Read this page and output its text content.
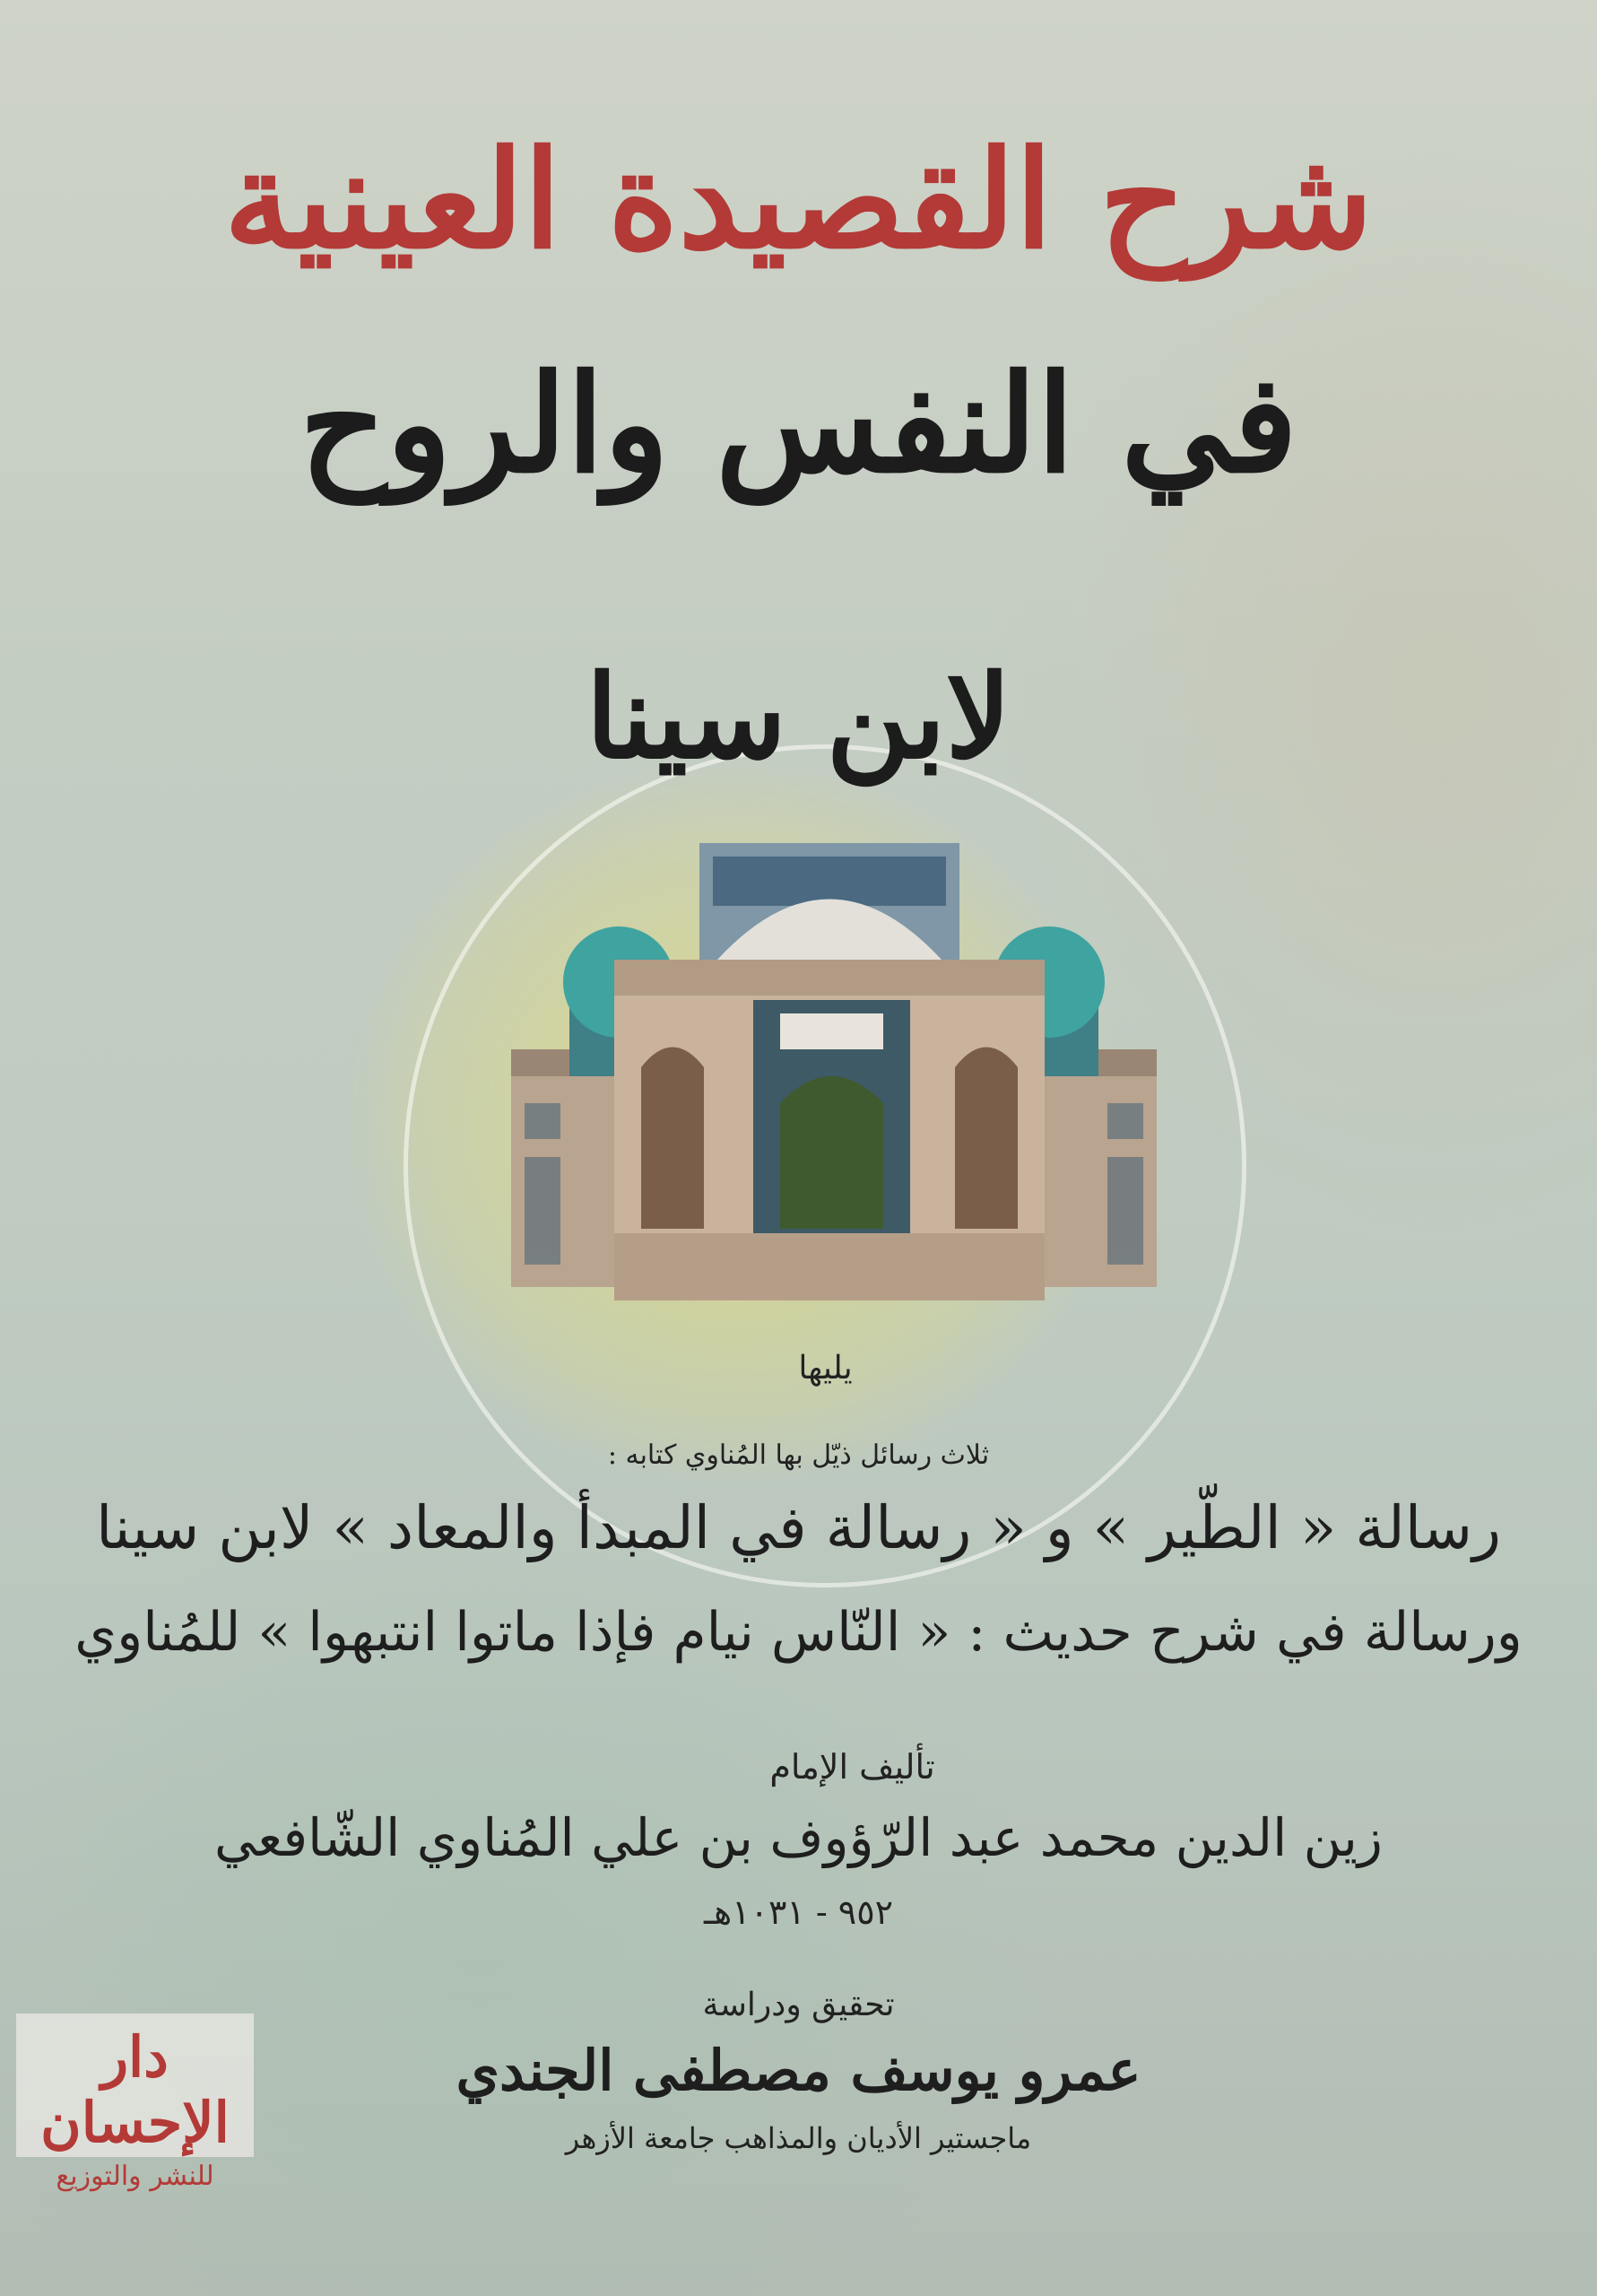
شرح القصيدة العينية
في النفس والروح
لابن سينا
يليها
ثلاث رسائل ذيّل بها المُناوي كتابه :
رسالة « الطّير » و « رسالة في المبدأ والمعاد » لابن سينا
ورسالة في شرح حديث : « النّاس نيام فإذا ماتوا انتبهوا » للمُناوي
تأليف الإمام
زين الدين محمد عبد الرّؤوف بن علي المُناوي الشّافعي
٩٥٢ - ١٠٣١هـ
تحقيق ودراسة
عمرو يوسف مصطفى الجندي
ماجستير الأديان والمذاهب جامعة الأزهر
دار الإحسان
للنشر والتوزيع
